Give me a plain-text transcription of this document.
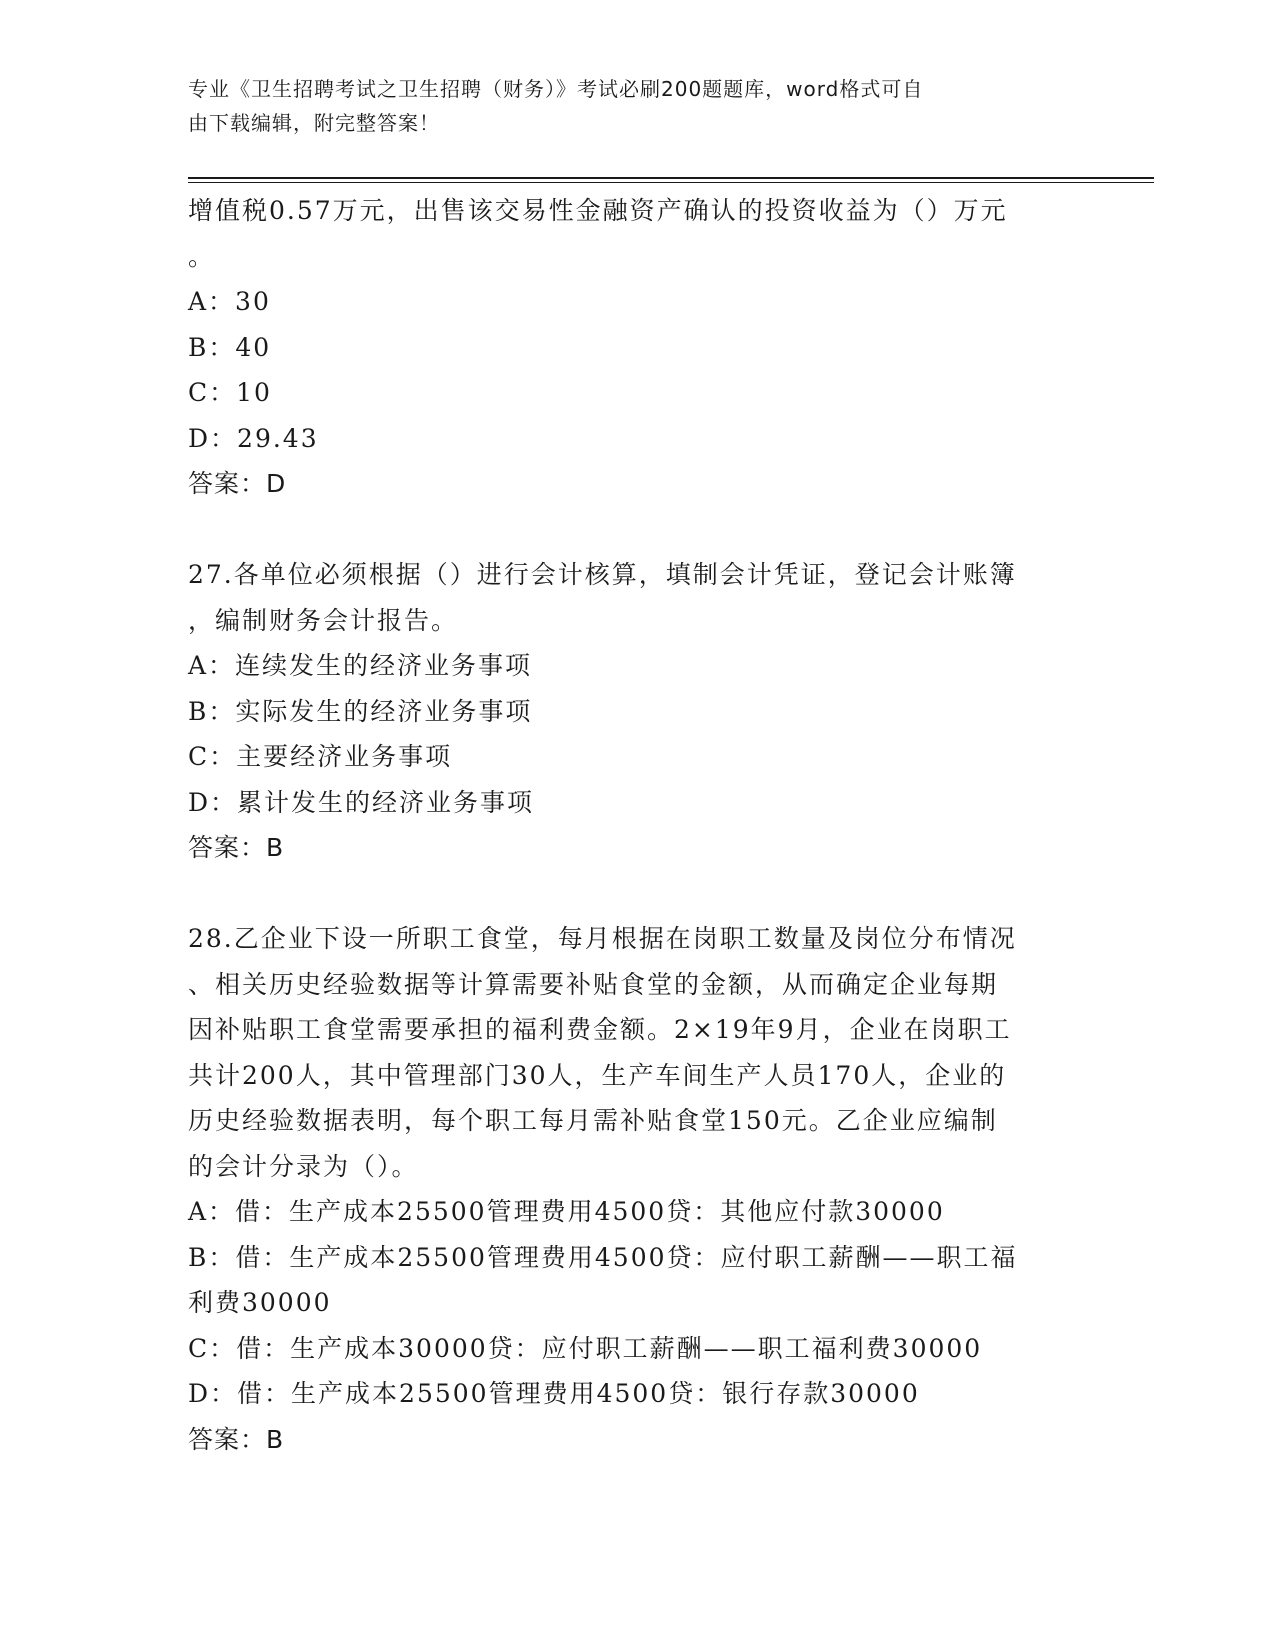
专业《卫生招聘考试之卫生招聘（财务）》考试必刷200题题库，word格式可自
由下载编辑，附完整答案！
增值税0.57万元，出售该交易性金融资产确认的投资收益为（）万元
。
A：30
B：40
C：10
D：29.43
答案：D
27.各单位必须根据（）进行会计核算，填制会计凭证，登记会计账簿
，编制财务会计报告。
A：连续发生的经济业务事项
B：实际发生的经济业务事项
C：主要经济业务事项
D：累计发生的经济业务事项
答案：B
28.乙企业下设一所职工食堂，每月根据在岗职工数量及岗位分布情况
、相关历史经验数据等计算需要补贴食堂的金额，从而确定企业每期
因补贴职工食堂需要承担的福利费金额。2×19年9月，企业在岗职工
共计200人，其中管理部门30人，生产车间生产人员170人，企业的
历史经验数据表明，每个职工每月需补贴食堂150元。乙企业应编制
的会计分录为（）。
A：借：生产成本25500管理费用4500贷：其他应付款30000
B：借：生产成本25500管理费用4500贷：应付职工薪酬——职工福
利费30000
C：借：生产成本30000贷：应付职工薪酬——职工福利费30000
D：借：生产成本25500管理费用4500贷：银行存款30000
答案：B
